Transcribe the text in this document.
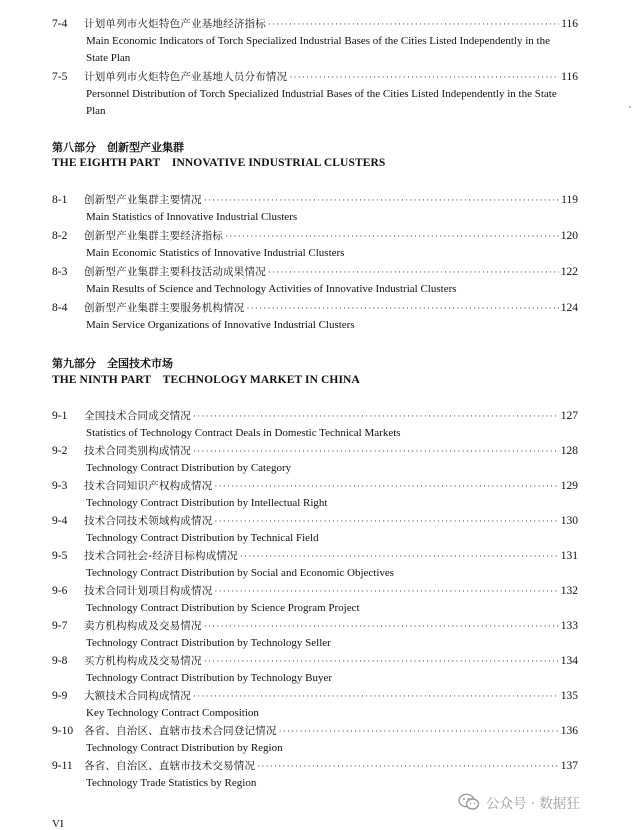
7-4	计划单列市火炬特色产业基地经济指标 ·····	116
Main Economic Indicators of Torch Specialized Industrial Bases of the Cities Listed Independently in the State Plan
7-5	计划单列市火炬特色产业基地人员分布情况 ·····	116
Personnel Distribution of Torch Specialized Industrial Bases of the Cities Listed Independently in the State Plan
第八部分　创新型产业集群
THE EIGHTH PART    INNOVATIVE INDUSTRIAL CLUSTERS
8-1	创新型产业集群主要情况 ·····	119
Main Statistics of Innovative Industrial Clusters
8-2	创新型产业集群主要经济指标 ·····	120
Main Economic Statistics of Innovative Industrial Clusters
8-3	创新型产业集群主要科技活动成果情况 ·····	122
Main Results of Science and Technology Activities of Innovative Industrial Clusters
8-4	创新型产业集群主要服务机构情况 ·····	124
Main Service Organizations of Innovative Industrial Clusters
第九部分　全国技术市场
THE NINTH PART    TECHNOLOGY MARKET IN CHINA
9-1	全国技术合同成交情况 ·····	127
Statistics of Technology Contract Deals in Domestic Technical Markets
9-2	技术合同类别构成情况 ·····	128
Technology Contract Distribution by Category
9-3	技术合同知识产权构成情况 ·····	129
Technology Contract Distribution by Intellectual Right
9-4	技术合同技术领域构成情况 ·····	130
Technology Contract Distribution by Technical Field
9-5	技术合同社会-经济目标构成情况 ·····	131
Technology Contract Distribution by Social and Economic Objectives
9-6	技术合同计划项目构成情况 ·····	132
Technology Contract Distribution by Science Program Project
9-7	卖方机构构成及交易情况 ·····	133
Technology Contract Distribution by Technology Seller
9-8	买方机构构成及交易情况 ·····	134
Technology Contract Distribution by Technology Buyer
9-9	大额技术合同构成情况 ·····	135
Key Technology Contract Composition
9-10	各省、自治区、直辖市技术合同登记情况 ·····	136
Technology Contract Distribution by Region
9-11	各省、自治区、直辖市技术交易情况 ·····	137
Technology Trade Statistics by Region
公众号 · 数据狂
VI
